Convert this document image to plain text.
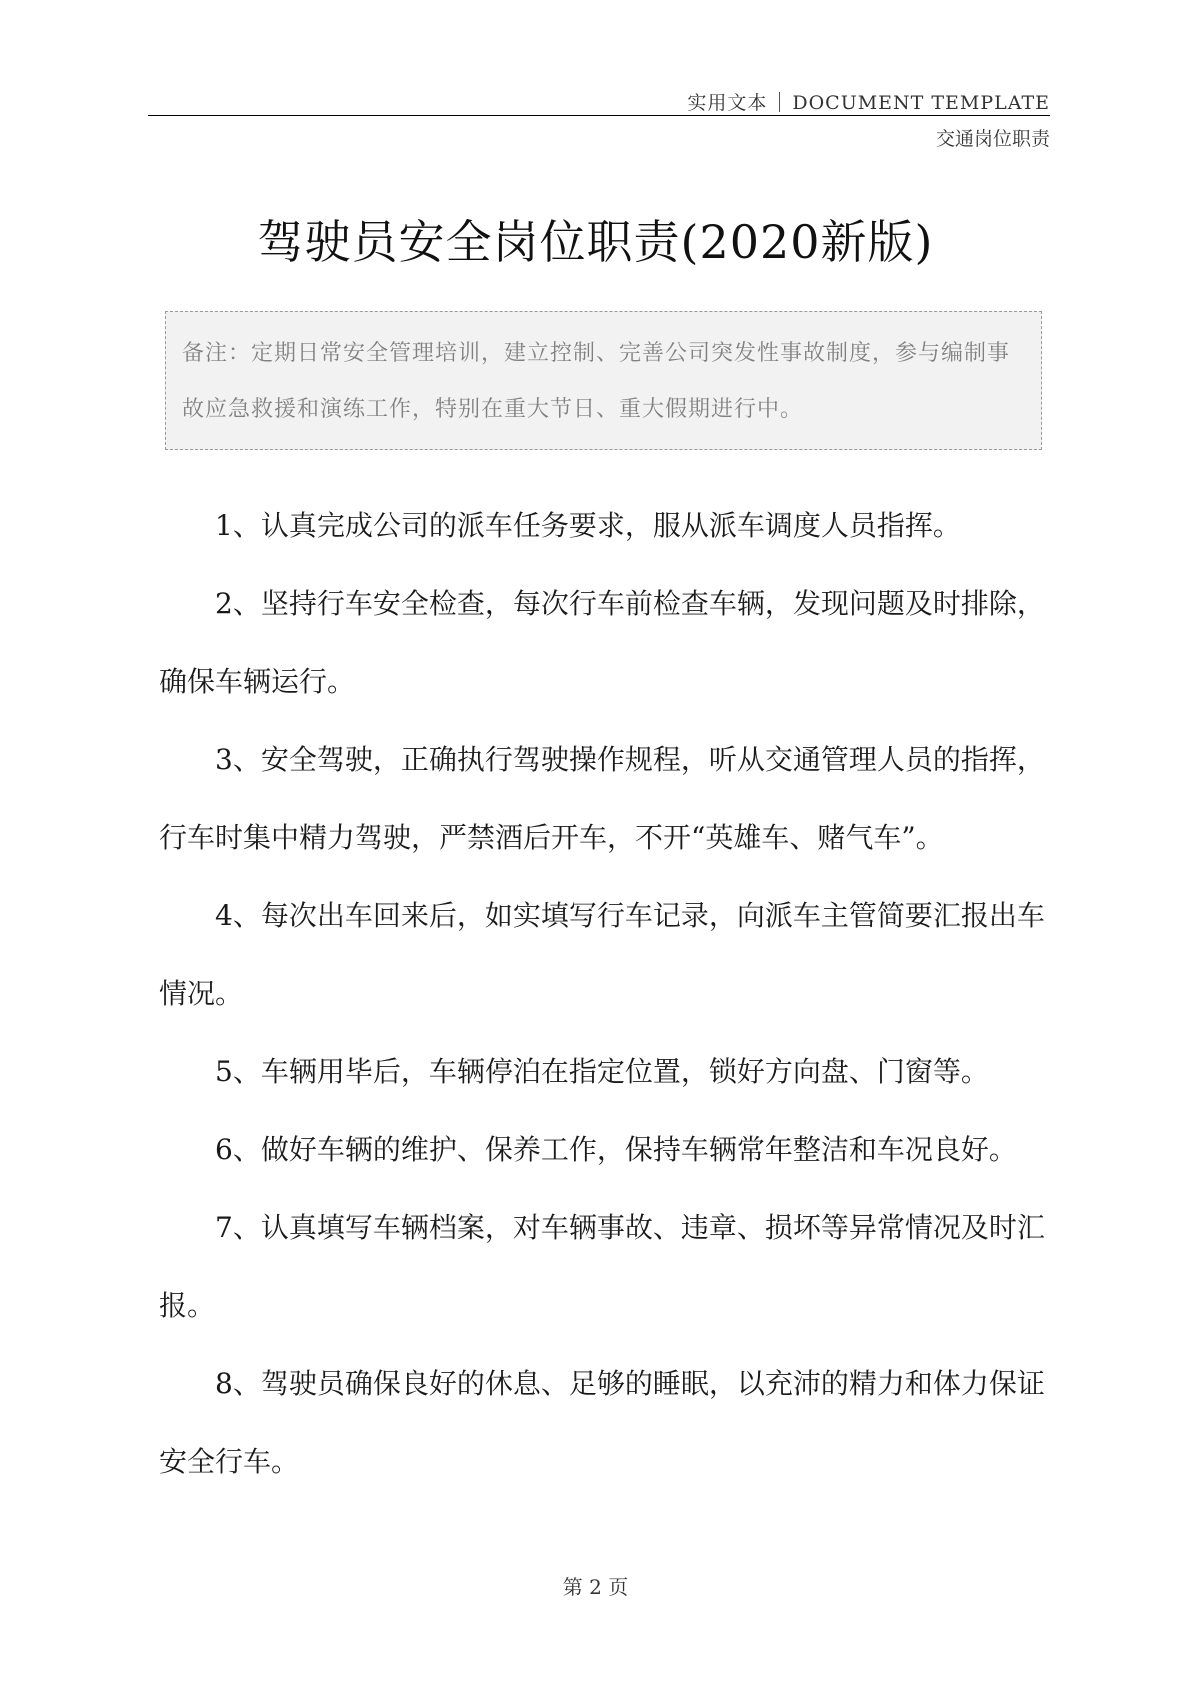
实用文本 DOCUMENT TEMPLATE
交通岗位职责
驾驶员安全岗位职责(2020新版)
备注：定期日常安全管理培训，建立控制、完善公司突发性事故制度，参与编制事故应急救援和演练工作，特别在重大节日、重大假期进行中。

1、认真完成公司的派车任务要求，服从派车调度人员指挥。

2、坚持行车安全检查，每次行车前检查车辆，发现问题及时排除，确保车辆运行。

3、安全驾驶，正确执行驾驶操作规程，听从交通管理人员的指挥，行车时集中精力驾驶，严禁酒后开车，不开“英雄车、赌气车”。

4、每次出车回来后，如实填写行车记录，向派车主管简要汇报出车情况。

5、车辆用毕后，车辆停泊在指定位置，锁好方向盘、门窗等。

6、做好车辆的维护、保养工作，保持车辆常年整洁和车况良好。

7、认真填写车辆档案，对车辆事故、违章、损坏等异常情况及时汇报。

8、驾驶员确保良好的休息、足够的睡眠，以充沛的精力和体力保证安全行车。

第 2 页
